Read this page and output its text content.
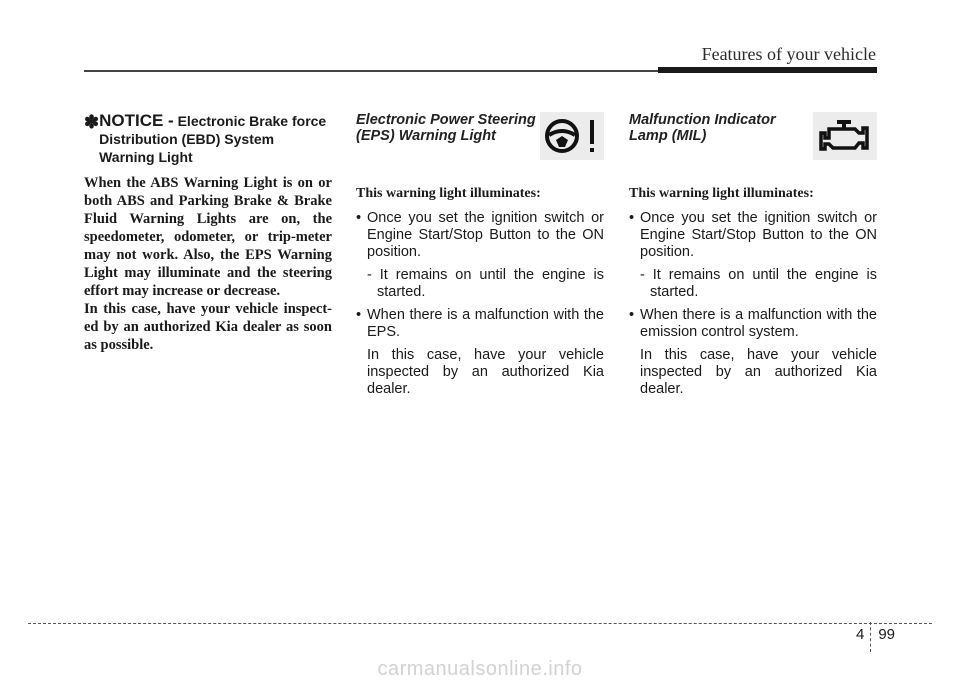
Features of your vehicle
✽ NOTICE - Electronic Brake force Distribution (EBD) System Warning Light

When the ABS Warning Light is on or both ABS and Parking Brake & Brake Fluid Warning Lights are on, the speedometer, odometer, or trip-meter may not work. Also, the EPS Warning Light may illuminate and the steering effort may increase or decrease.

In this case, have your vehicle inspect-ed by an authorized Kia dealer as soon as possible.

Electronic Power Steering (EPS) Warning Light
This warning light illuminates:
• Once you set the ignition switch or Engine Start/Stop Button to the ON position.
- It remains on until the engine is started.
• When there is a malfunction with the EPS.
In this case, have your vehicle inspected by an authorized Kia dealer.
Malfunction Indicator Lamp (MIL)
This warning light illuminates:
• Once you set the ignition switch or Engine Start/Stop Button to the ON position.
- It remains on until the engine is started.
• When there is a malfunction with the emission control system.
In this case, have your vehicle inspected by an authorized Kia dealer.
4 99
carmanualsonline.info
